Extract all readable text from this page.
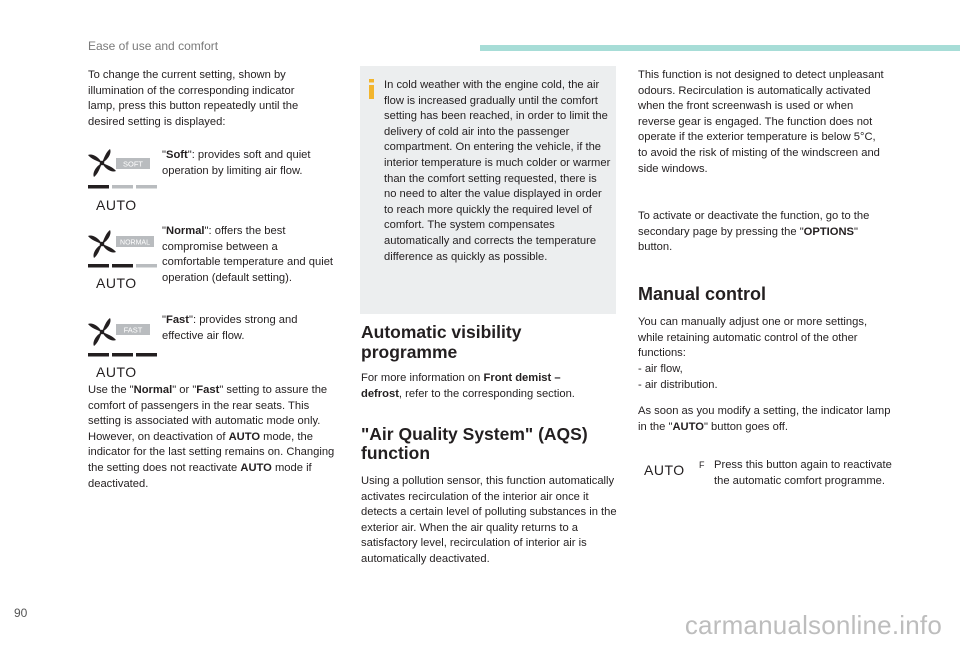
Ease of use and comfort
To change the current setting, shown by illumination of the corresponding indicator lamp, press this button repeatedly until the desired setting is displayed:
SOFT
AUTO
"Soft": provides soft and quiet operation by limiting air flow.
NORMAL
AUTO
"Normal": offers the best compromise between a comfortable temperature and quiet operation (default setting).
FAST
AUTO
"Fast": provides strong and effective air flow.
Use the "Normal" or "Fast" setting to assure the comfort of passengers in the rear seats. This setting is associated with automatic mode only. However, on deactivation of AUTO mode, the indicator for the last setting remains on. Changing the setting does not reactivate AUTO mode if deactivated.
In cold weather with the engine cold, the air flow is increased gradually until the comfort setting has been reached, in order to limit the delivery of cold air into the passenger compartment. On entering the vehicle, if the interior temperature is much colder or warmer than the comfort setting requested, there is no need to alter the value displayed in order to reach more quickly the required level of comfort. The system compensates automatically and corrects the temperature difference as quickly as possible.
Automatic visibility programme
For more information on Front demist – defrost, refer to the corresponding section.
"Air Quality System" (AQS) function
Using a pollution sensor, this function automatically activates recirculation of the interior air once it detects a certain level of polluting substances in the exterior air. When the air quality returns to a satisfactory level, recirculation of interior air is automatically deactivated.
This function is not designed to detect unpleasant odours. Recirculation is automatically activated when the front screenwash is used or when reverse gear is engaged. The function does not operate if the exterior temperature is below 5°C, to avoid the risk of misting of the windscreen and side windows.
To activate or deactivate the function, go to the secondary page by pressing the "OPTIONS" button.
Manual control
You can manually adjust one or more settings, while retaining automatic control of the other functions:
- air flow,
- air distribution.
As soon as you modify a setting, the indicator lamp in the "AUTO" button goes off.
AUTO F Press this button again to reactivate the automatic comfort programme.
90	carmanualsonline.info
